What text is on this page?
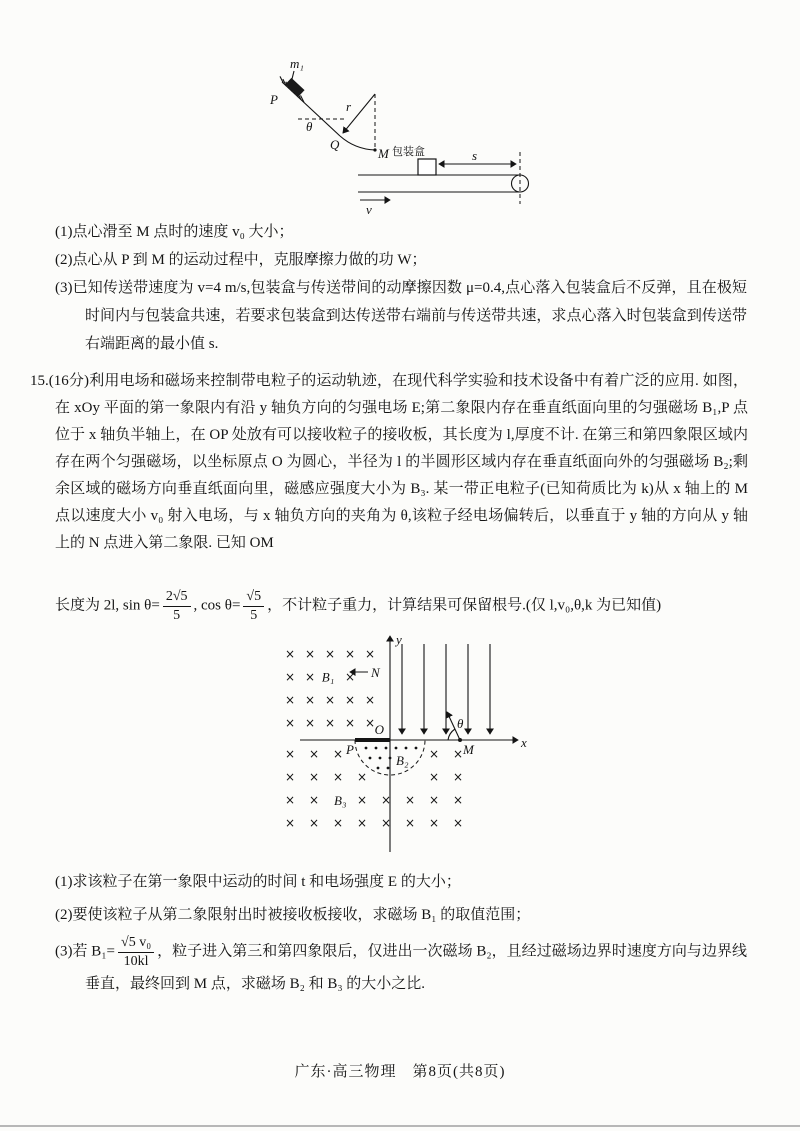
m₁
P
θ
Q
r
M 包装盒	s
v
(1)点心滑至 M 点时的速度 v₀ 大小；
(2)点心从 P 到 M 的运动过程中，克服摩擦力做的功 W；
(3)已知传送带速度为 v=4 m/s,包装盒与传送带间的动摩擦因数 μ=0.4,点心落入包装盒后不反弹，且在极短时间内与包装盒共速，若要求包装盒到达传送带右端前与传送带共速，求点心落入时包装盒到传送带右端距离的最小值 s.
15.(16分)利用电场和磁场来控制带电粒子的运动轨迹，在现代科学实验和技术设备中有着广泛的应用. 如图，在 xOy 平面的第一象限内有沿 y 轴负方向的匀强电场 E;第二象限内存在垂直纸面向里的匀强磁场 B₁,P 点位于 x 轴负半轴上，在 OP 处放有可以接收粒子的接收板，其长度为 l,厚度不计. 在第三和第四象限区域内存在两个匀强磁场，以坐标原点 O 为圆心，半径为 l 的半圆形区域内存在垂直纸面向外的匀强磁场 B₂;剩余区域的磁场方向垂直纸面向里，磁感应强度大小为 B₃. 某一带正电粒子(已知荷质比为 k)从 x 轴上的 M 点以速度大小 v₀ 射入电场，与 x 轴负方向的夹角为 θ,该粒子经电场偏转后，以垂直于 y 轴的方向从 y 轴上的 N 点进入第二象限. 已知 OM
长度为 2l, $\sin \theta= \frac{2√5}{5}$ , $\cos \theta= \frac{√5}{5}$ ，不计粒子重力，计算结果可保留根号.(仅 l,v₀,θ,k 为已知值)
× × × × ×
× × ×
× × × × ×
× × × × ×
× × ×	× ×
× × × ×	× ×
× ×	× × × × ×
× × × × × × × ×
y
x
O
B₁	N
P
B₂
B₃
M
θ
(1)求该粒子在第一象限中运动的时间 t 和电场强度 E 的大小；
(2)要使该粒子从第二象限射出时被接收板接收，求磁场 B₁ 的取值范围；
(3)若 $B_1= \frac{\text{√5 v₀}}{10kl}$ ，粒子进入第三和第四象限后，仅进出一次磁场 B₂，且经过磁场边界时速度方向与边界线垂直，最终回到 M 点，求磁场 B₂ 和 B₃ 的大小之比.
广东·高三物理　第8页(共8页)
